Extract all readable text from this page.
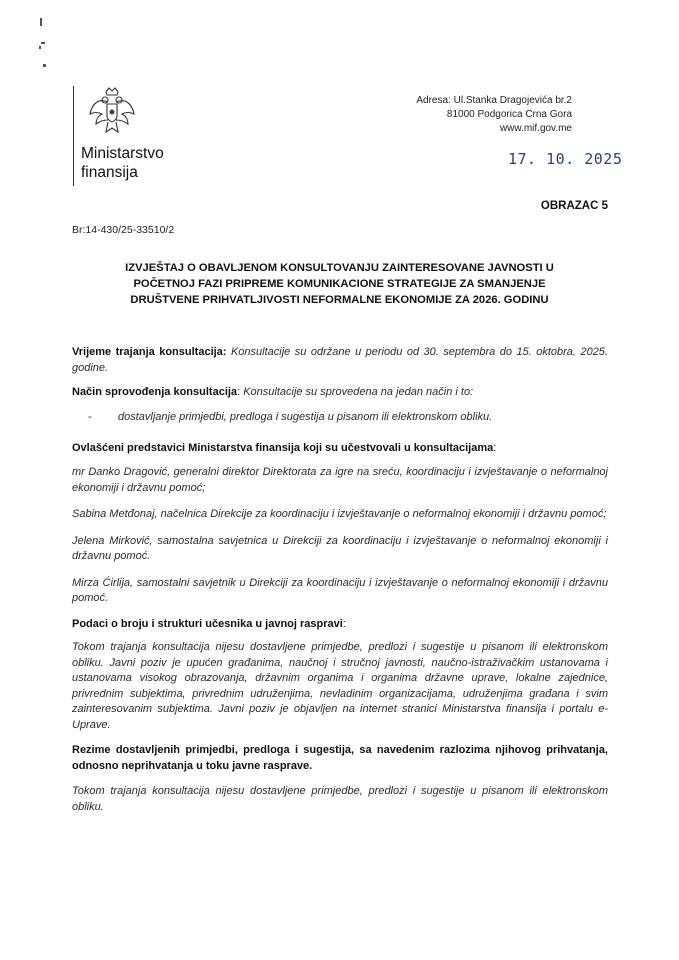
Ministarstvo
finansija
Adresa: Ul.Stanka Dragojevića br.2
81000 Podgorica Crna Gora
www.mif.gov.me
17. 10. 2025
OBRAZAC 5
Br:14-430/25-33510/2
IZVJEŠTAJ O OBAVLJENOM KONSULTOVANJU ZAINTERESOVANE JAVNOSTI U
POČETNOJ FAZI PRIPREME KOMUNIKACIONE STRATEGIJE ZA SMANJENJE
DRUŠTVENE PRIHVATLJIVOSTI NEFORMALNE EKONOMIJE ZA 2026. GODINU

Vrijeme trajanja konsultacija: Konsultacije su održane u periodu od 30. septembra do 15. oktobra. 2025. godine.

Način sprovođenja konsultacija: Konsultacije su sprovedena na jedan način i to:

-	dostavljanje primjedbi, predloga i sugestija u pisanom ili elektronskom obliku.

Ovlašćeni predstavici Ministarstva finansija koji su učestvovali u konsultacijama:

mr Danko Dragović, generalni direktor Direktorata za igre na sreću, koordinaciju i izvještavanje o neformalnoj ekonomiji i državnu pomoć;

Sabina Metđonaj, načelnica Direkcije za koordinaciju i izvještavanje o neformalnoj ekonomiji i državnu pomoć;

Jelena Mirković, samostalna savjetnica u Direkciji za koordinaciju i izvještavanje o neformalnoj ekonomiji i državnu pomoć.

Mirza Ćirlija, samostalni savjetnik u Direkciji za koordinaciju i izvještavanje o neformalnoj ekonomiji i državnu pomoć.

Podaci o broju i strukturi učesnika u javnoj raspravi:

Tokom trajanja konsultacija nijesu dostavljene primjedbe, predlozi i sugestije u pisanom ili elektronskom obliku. Javni poziv je upućen građanima, naučnoj i stručnoj javnosti, naučno-istraživačkim ustanovama i ustanovama visokog obrazovanja, državnim organima i organima državne uprave, lokalne zajednice, privrednim subjektima, privrednim udruženjima, nevladinim organizacijama, udruženjima građana i svim zainteresovanim subjektima. Javni poziv je objavljen na internet stranici Ministarstva finansija i portalu e-Uprave.

Rezime dostavljenih primjedbi, predloga i sugestija, sa navedenim razlozima njihovog prihvatanja, odnosno neprihvatanja u toku javne rasprave.

Tokom trajanja konsultacija nijesu dostavljene primjedbe, predlozi i sugestije u pisanom ili elektronskom obliku.
